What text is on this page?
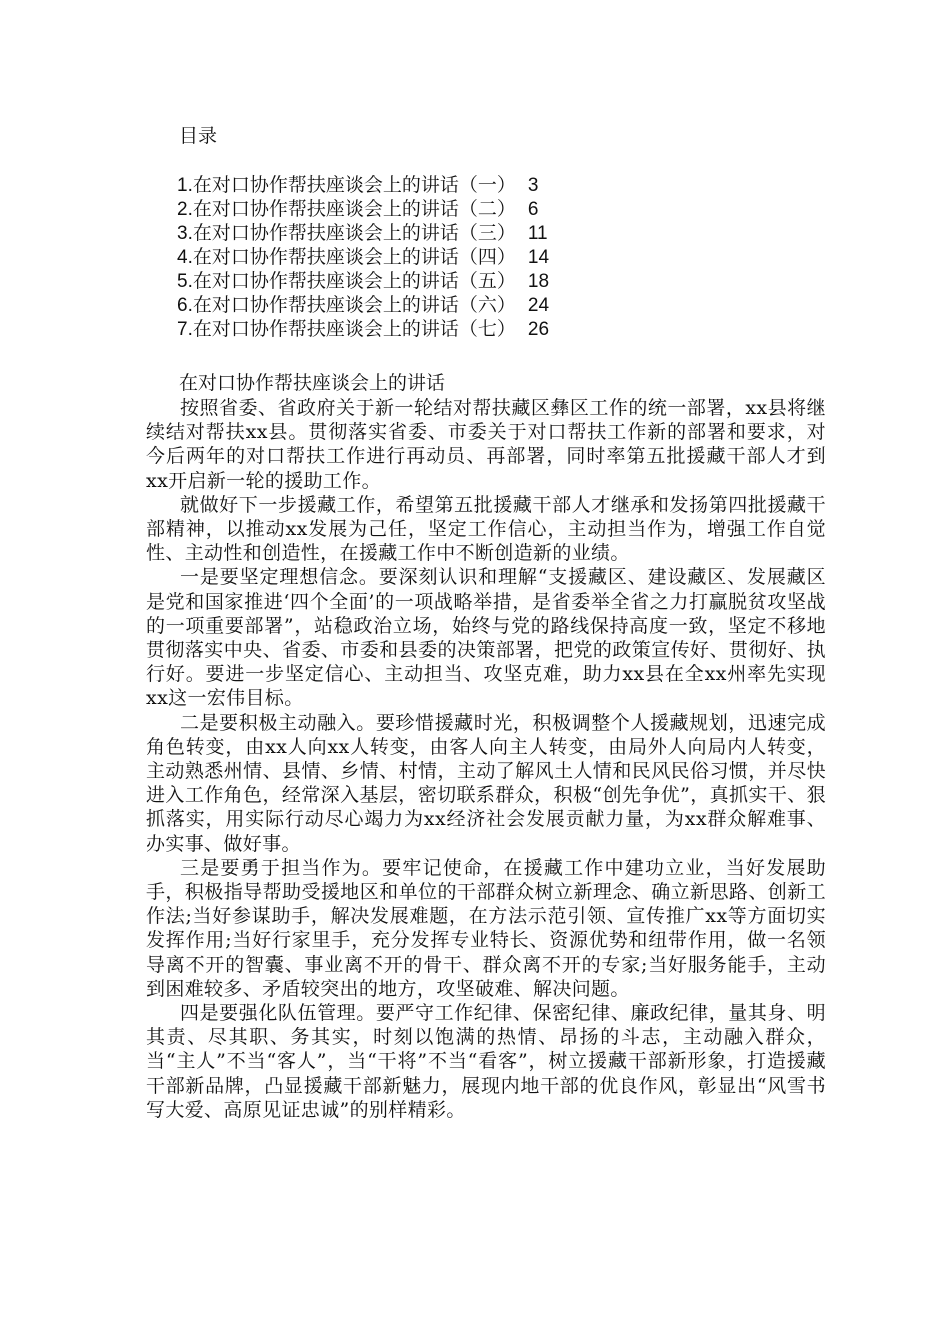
目录
1.在对口协作帮扶座谈会上的讲话（一） 3
2.在对口协作帮扶座谈会上的讲话（二） 6
3.在对口协作帮扶座谈会上的讲话（三） 11
4.在对口协作帮扶座谈会上的讲话（四） 14
5.在对口协作帮扶座谈会上的讲话（五） 18
6.在对口协作帮扶座谈会上的讲话（六） 24
7.在对口协作帮扶座谈会上的讲话（七） 26
在对口协作帮扶座谈会上的讲话

按照省委、省政府关于新一轮结对帮扶藏区彝区工作的统一部署，xx县将继续结对帮扶xx县。贯彻落实省委、市委关于对口帮扶工作新的部署和要求，对今后两年的对口帮扶工作进行再动员、再部署，同时率第五批援藏干部人才到xx开启新一轮的援助工作。

就做好下一步援藏工作，希望第五批援藏干部人才继承和发扬第四批援藏干部精神，以推动xx发展为己任，坚定工作信心，主动担当作为，增强工作自觉性、主动性和创造性，在援藏工作中不断创造新的业绩。

一是要坚定理想信念。要深刻认识和理解“支援藏区、建设藏区、发展藏区是党和国家推进‘四个全面’的一项战略举措，是省委举全省之力打赢脱贫攻坚战的一项重要部署”，站稳政治立场，始终与党的路线保持高度一致，坚定不移地贯彻落实中央、省委、市委和县委的决策部署，把党的政策宣传好、贯彻好、执行好。要进一步坚定信心、主动担当、攻坚克难，助力xx县在全xx州率先实现xx这一宏伟目标。

二是要积极主动融入。要珍惜援藏时光，积极调整个人援藏规划，迅速完成角色转变，由xx人向xx人转变，由客人向主人转变，由局外人向局内人转变，主动熟悉州情、县情、乡情、村情，主动了解风土人情和民风民俗习惯，并尽快进入工作角色，经常深入基层，密切联系群众，积极“创先争优”，真抓实干、狠抓落实，用实际行动尽心竭力为xx经济社会发展贡献力量，为xx群众解难事、办实事、做好事。

三是要勇于担当作为。要牢记使命，在援藏工作中建功立业，当好发展助手，积极指导帮助受援地区和单位的干部群众树立新理念、确立新思路、创新工作法;当好参谋助手，解决发展难题，在方法示范引领、宣传推广xx等方面切实发挥作用;当好行家里手，充分发挥专业特长、资源优势和纽带作用，做一名领导离不开的智囊、事业离不开的骨干、群众离不开的专家;当好服务能手，主动到困难较多、矛盾较突出的地方，攻坚破难、解决问题。

四是要强化队伍管理。要严守工作纪律、保密纪律、廉政纪律，量其身、明其责、尽其职、务其实，时刻以饱满的热情、昂扬的斗志，主动融入群众，当“主人”不当“客人”，当“干将”不当“看客”，树立援藏干部新形象，打造援藏干部新品牌，凸显援藏干部新魅力，展现内地干部的优良作风，彰显出“风雪书写大爱、高原见证忠诚”的别样精彩。
